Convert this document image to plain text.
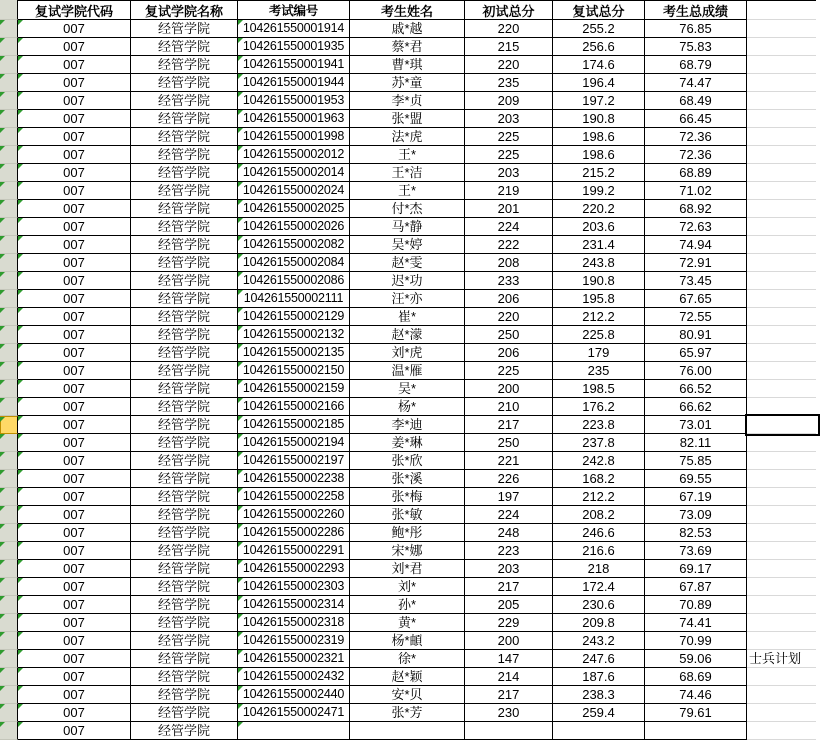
复试学院代码	复试学院名称	考试编号	考生姓名	初试总分	复试总分	考生总成绩
007	经管学院	104261550001914	戚*越	220	255.2	76.85
007	经管学院	104261550001935	蔡*君	215	256.6	75.83
007	经管学院	104261550001941	曹*琪	220	174.6	68.79
007	经管学院	104261550001944	苏*童	235	196.4	74.47
007	经管学院	104261550001953	李*贞	209	197.2	68.49
007	经管学院	104261550001963	张*盟	203	190.8	66.45
007	经管学院	104261550001998	法*虎	225	198.6	72.36
007	经管学院	104261550002012	王*	225	198.6	72.36
007	经管学院	104261550002014	王*洁	203	215.2	68.89
007	经管学院	104261550002024	王*	219	199.2	71.02
007	经管学院	104261550002025	付*杰	201	220.2	68.92
007	经管学院	104261550002026	马*静	224	203.6	72.63
007	经管学院	104261550002082	吴*婷	222	231.4	74.94
007	经管学院	104261550002084	赵*雯	208	243.8	72.91
007	经管学院	104261550002086	迟*功	233	190.8	73.45
007	经管学院	104261550002111	汪*亦	206	195.8	67.65
007	经管学院	104261550002129	崔*	220	212.2	72.55
007	经管学院	104261550002132	赵*濛	250	225.8	80.91
007	经管学院	104261550002135	刘*虎	206	179	65.97
007	经管学院	104261550002150	温*雁	225	235	76.00
007	经管学院	104261550002159	吴*	200	198.5	66.52
007	经管学院	104261550002166	杨*	210	176.2	66.62
007	经管学院	104261550002185	李*迪	217	223.8	73.01
007	经管学院	104261550002194	姜*琳	250	237.8	82.11
007	经管学院	104261550002197	张*欣	221	242.8	75.85
007	经管学院	104261550002238	张*溪	226	168.2	69.55
007	经管学院	104261550002258	张*梅	197	212.2	67.19
007	经管学院	104261550002260	张*敏	224	208.2	73.09
007	经管学院	104261550002286	鲍*彤	248	246.6	82.53
007	经管学院	104261550002291	宋*娜	223	216.6	73.69
007	经管学院	104261550002293	刘*君	203	218	69.17
007	经管学院	104261550002303	刘*	217	172.4	67.87
007	经管学院	104261550002314	孙*	205	230.6	70.89
007	经管学院	104261550002318	黄*	229	209.8	74.41
007	经管学院	104261550002319	杨*頔	200	243.2	70.99
007	经管学院	104261550002321	徐*	147	247.6	59.06	士兵计划
007	经管学院	104261550002432	赵*颖	214	187.6	68.69
007	经管学院	104261550002440	安*贝	217	238.3	74.46
007	经管学院	104261550002471	张*芳	230	259.4	79.61
007	经管学院
